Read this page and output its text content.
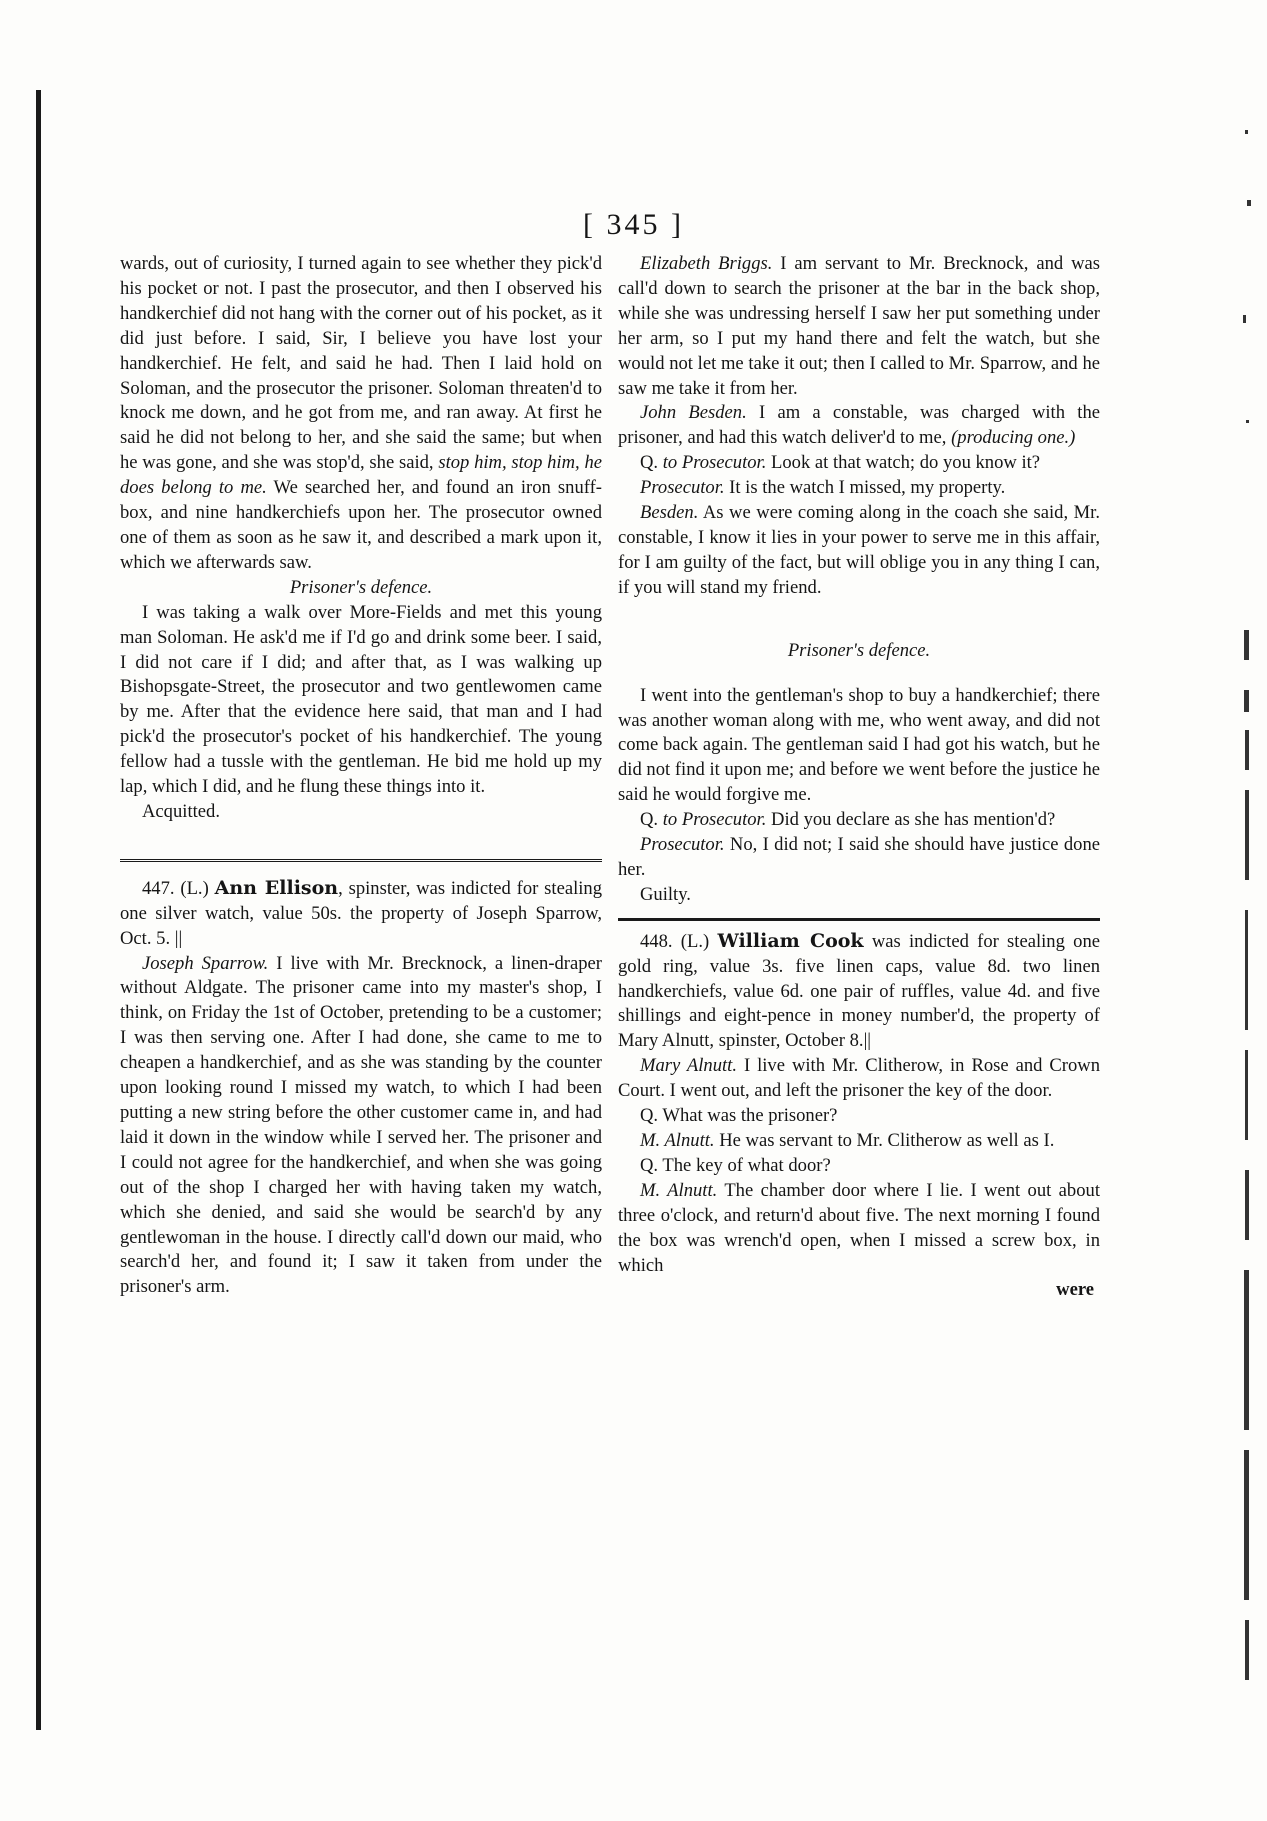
[ 345 ]

wards, out of curiosity, I turned again to see whether they pick'd his pocket or not. I past the prosecutor, and then I observed his handkerchief did not hang with the corner out of his pocket, as it did just before. I said, Sir, I believe you have lost your handkerchief. He felt, and said he had. Then I laid hold on Soloman, and the prosecutor the prisoner. Soloman threaten'd to knock me down, and he got from me, and ran away. At first he said he did not belong to her, and she said the same; but when he was gone, and she was stop'd, she said, stop him, stop him, he does belong to me. We searched her, and found an iron snuff-box, and nine handkerchiefs upon her. The prosecutor owned one of them as soon as he saw it, and described a mark upon it, which we afterwards saw.

Prisoner's defence.

I was taking a walk over More-Fields and met this young man Soloman. He ask'd me if I'd go and drink some beer. I said, I did not care if I did; and after that, as I was walking up Bishopsgate-Street, the prosecutor and two gentlewomen came by me. After that the evidence here said, that man and I had pick'd the prosecutor's pocket of his handkerchief. The young fellow had a tussle with the gentleman. He bid me hold up my lap, which I did, and he flung these things into it.

Acquitted.

447. (L.) Ann Ellison, spinster, was indicted for stealing one silver watch, value 50s. the property of Joseph Sparrow, Oct. 5. ||

Joseph Sparrow. I live with Mr. Brecknock, a linen-draper without Aldgate. The prisoner came into my master's shop, I think, on Friday the 1st of October, pretending to be a customer; I was then serving one. After I had done, she came to me to cheapen a handkerchief, and as she was standing by the counter upon looking round I missed my watch, to which I had been putting a new string before the other customer came in, and had laid it down in the window while I served her. The prisoner and I could not agree for the handkerchief, and when she was going out of the shop I charged her with having taken my watch, which she denied, and said she would be search'd by any gentlewoman in the house. I directly call'd down our maid, who search'd her, and found it; I saw it taken from under the prisoner's arm.

Elizabeth Briggs. I am servant to Mr. Brecknock, and was call'd down to search the prisoner at the bar in the back shop, while she was undressing herself I saw her put something under her arm, so I put my hand there and felt the watch, but she would not let me take it out; then I called to Mr. Sparrow, and he saw me take it from her.

John Besden. I am a constable, was charged with the prisoner, and had this watch deliver'd to me, (producing one.)

Q. to Prosecutor. Look at that watch; do you know it?

Prosecutor. It is the watch I missed, my property.

Besden. As we were coming along in the coach she said, Mr. constable, I know it lies in your power to serve me in this affair, for I am guilty of the fact, but will oblige you in any thing I can, if you will stand my friend.

Prisoner's defence.

I went into the gentleman's shop to buy a handkerchief; there was another woman along with me, who went away, and did not come back again. The gentleman said I had got his watch, but he did not find it upon me; and before we went before the justice he said he would forgive me.

Q. to Prosecutor. Did you declare as she has mention'd?

Prosecutor. No, I did not; I said she should have justice done her.

Guilty.

448. (L.) William Cook was indicted for stealing one gold ring, value 3s. five linen caps, value 8d. two linen handkerchiefs, value 6d. one pair of ruffles, value 4d. and five shillings and eight-pence in money number'd, the property of Mary Alnutt, spinster, October 8.||

Mary Alnutt. I live with Mr. Clitherow, in Rose and Crown Court. I went out, and left the prisoner the key of the door.

Q. What was the prisoner?

M. Alnutt. He was servant to Mr. Clitherow as well as I.

Q. The key of what door?

M. Alnutt. The chamber door where I lie. I went out about three o'clock, and return'd about five. The next morning I found the box was wrench'd open, when I missed a screw box, in which

were
